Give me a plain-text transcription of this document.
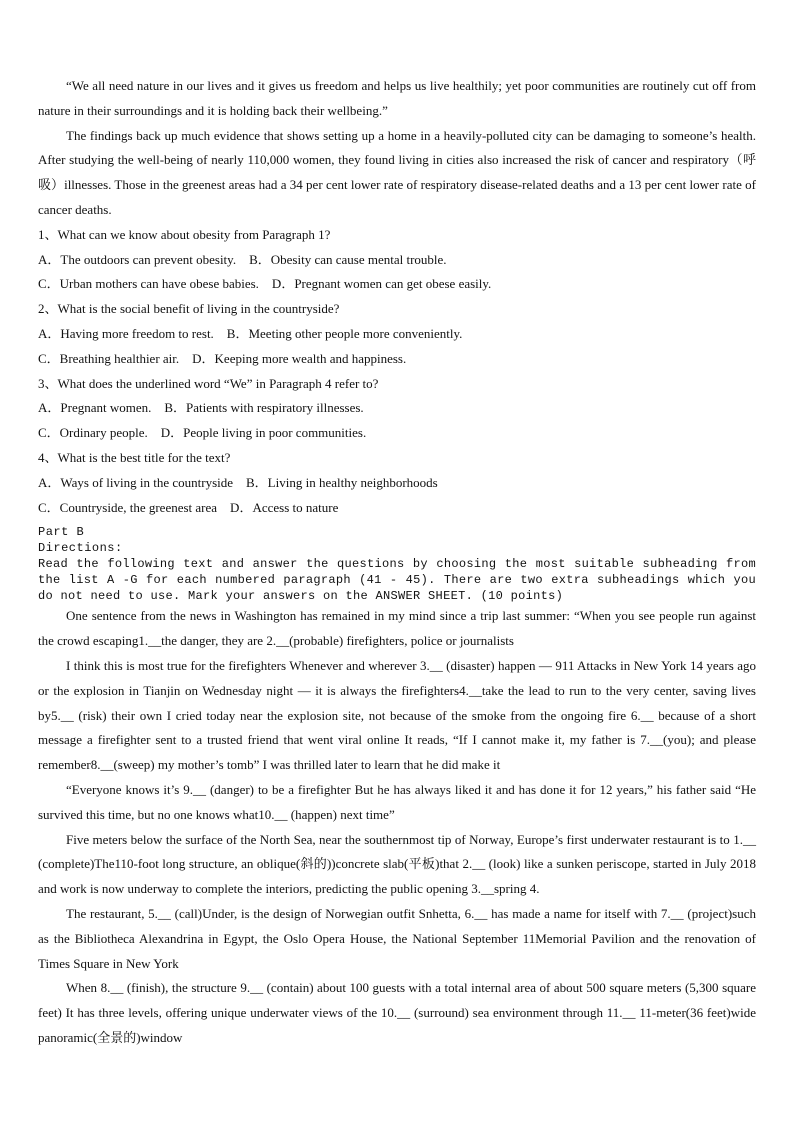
“We all need nature in our lives and it gives us freedom and helps us live healthily; yet poor communities are routinely cut off from nature in their surroundings and it is holding back their wellbeing.”

The findings back up much evidence that shows setting up a home in a heavily-polluted city can be damaging to someone’s health. After studying the well-being of nearly 110,000 women, they found living in cities also increased the risk of cancer and respiratory（呼吸）illnesses. Those in the greenest areas had a 34 per cent lower rate of respiratory disease-related deaths and a 13 per cent lower rate of cancer deaths.

1、What can we know about obesity from Paragraph 1?

A．The outdoors can prevent obesity.    B．Obesity can cause mental trouble.

C．Urban mothers can have obese babies.    D．Pregnant women can get obese easily.

2、What is the social benefit of living in the countryside?

A．Having more freedom to rest.    B．Meeting other people more conveniently.

C．Breathing healthier air.    D．Keeping more wealth and happiness.

3、What does the underlined word “We” in Paragraph 4 refer to?

A．Pregnant women.    B．Patients with respiratory illnesses.

C．Ordinary people.    D．People living in poor communities.

4、What is the best title for the text?

A．Ways of living in the countryside    B．Living in healthy neighborhoods

C．Countryside, the greenest area    D．Access to nature

Part B

Directions:

Read the following text and answer the questions by choosing the most suitable subheading from the list A -G for each numbered paragraph (41 - 45). There are two extra subheadings which you do not need to use. Mark your answers on the ANSWER SHEET. (10 points)

One sentence from the news in Washington has remained in my mind since a trip last summer: “When you see people run against the crowd escaping1.__the danger, they are 2.__(probable) firefighters, police or journalists

I think this is most true for the firefighters Whenever and wherever 3.__ (disaster) happen — 911 Attacks in New York 14 years ago or the explosion in Tianjin on Wednesday night — it is always the firefighters4.__take the lead to run to the very center, saving lives by5.__ (risk) their own I cried today near the explosion site, not because of the smoke from the ongoing fire 6.__ because of a short message a firefighter sent to a trusted friend that went viral online It reads, “If I cannot make it, my father is 7.__(you); and please remember8.__(sweep) my mother’s tomb” I was thrilled later to learn that he did make it

“Everyone knows it’s 9.__ (danger) to be a firefighter But he has always liked it and has done it for 12 years,” his father said “He survived this time, but no one knows what10.__ (happen) next time”

Five meters below the surface of the North Sea, near the southernmost tip of Norway, Europe’s first underwater restaurant is to 1.__ (complete)The110-foot long structure, an oblique(斜的))concrete slab(平板)that 2.__ (look) like a sunken periscope, started in July 2018 and work is now underway to complete the interiors, predicting the public opening 3.__spring 4.

The restaurant, 5.__ (call)Under, is the design of Norwegian outfit Snhetta, 6.__ has made a name for itself with 7.__ (project)such as the Bibliotheca Alexandrina in Egypt, the Oslo Opera House, the National September 11Memorial Pavilion and the renovation of Times Square in New York

When 8.__ (finish), the structure 9.__ (contain) about 100 guests with a total internal area of about 500 square meters (5,300 square feet) It has three levels, offering unique underwater views of the 10.__ (surround) sea environment through 11.__ 11-meter(36 feet)wide panoramic(全景的)window
